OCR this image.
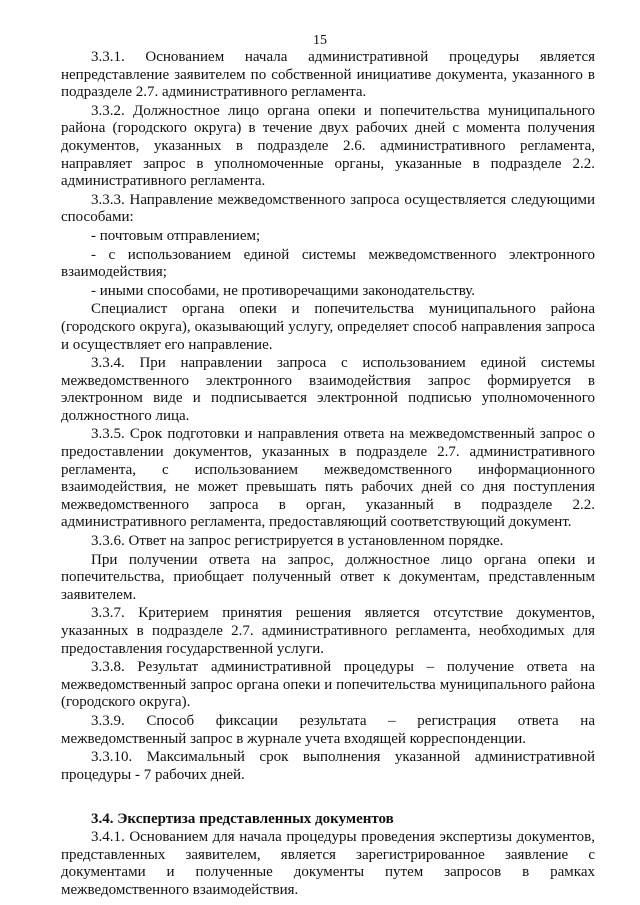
15

3.3.1. Основанием начала административной процедуры является непредставление заявителем по собственной инициативе документа, указанного в подразделе 2.7. административного регламента.

3.3.2. Должностное лицо органа опеки и попечительства муниципального района (городского округа) в течение двух рабочих дней с момента получения документов, указанных в подразделе 2.6. административного регламента, направляет запрос в уполномоченные органы, указанные в подразделе 2.2. административного регламента.

3.3.3. Направление межведомственного запроса осуществляется следующими способами:

- почтовым отправлением;

- с использованием единой системы межведомственного электронного взаимодействия;

- иными способами, не противоречащими законодательству.

Специалист органа опеки и попечительства муниципального района (городского округа), оказывающий услугу, определяет способ направления запроса и осуществляет его направление.

3.3.4. При направлении запроса с использованием единой системы межведомственного электронного взаимодействия запрос формируется в электронном виде и подписывается электронной подписью уполномоченного должностного лица.

3.3.5. Срок подготовки и направления ответа на межведомственный запрос о предоставлении документов, указанных в подразделе 2.7. административного регламента, с использованием межведомственного информационного взаимодействия, не может превышать пять рабочих дней со дня поступления межведомственного запроса в орган, указанный в подразделе 2.2. административного регламента, предоставляющий соответствующий документ.

3.3.6. Ответ на запрос регистрируется в установленном порядке.

При получении ответа на запрос, должностное лицо органа опеки и попечительства, приобщает полученный ответ к документам, представленным заявителем.

3.3.7. Критерием принятия решения является отсутствие документов, указанных в подразделе 2.7. административного регламента, необходимых для предоставления государственной услуги.

3.3.8. Результат административной процедуры – получение ответа на межведомственный запрос органа опеки и попечительства муниципального района (городского округа).

3.3.9. Способ фиксации результата – регистрация ответа на межведомственный запрос в журнале учета входящей корреспонденции.

3.3.10. Максимальный срок выполнения указанной административной процедуры - 7 рабочих дней.

3.4. Экспертиза представленных документов

3.4.1. Основанием для начала процедуры проведения экспертизы документов, представленных заявителем, является зарегистрированное заявление с документами и полученные документы путем запросов в рамках межведомственного взаимодействия.
